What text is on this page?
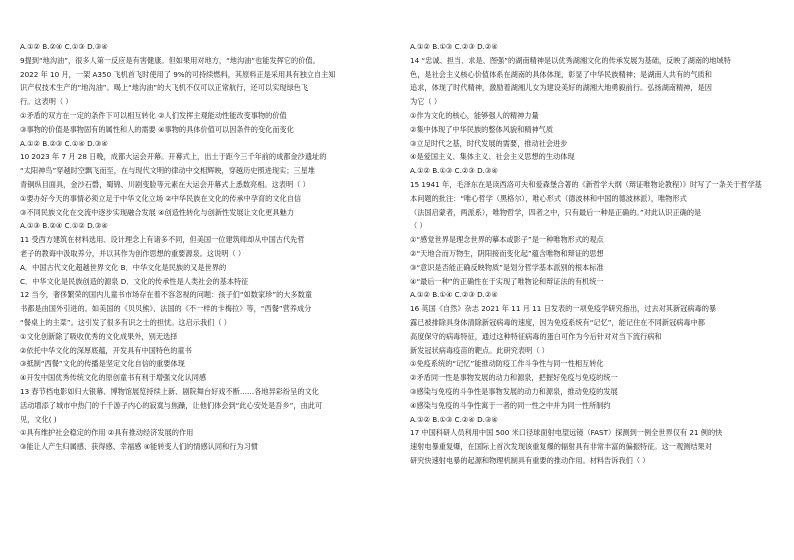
A.①② B.②④ C.①③ D.③④
9提到“地沟油”，很多人第一反应是有害健康。但如果用对地方，“地沟油”也能发挥它的价值。
2022 年 10 月，一架 A350 飞机首飞时使用了 9%的可持续燃料，其原料正是采用具有独立自主知
识产权技术生产的“地沟油”。喝上“地沟油”的大飞机不仅可以正常航行，还可以实现绿色飞
行。这表明（ ）
①矛盾的双方在一定的条件下可以相互转化 ②人们发挥主观能动性能改变事物的价值
③事物的价值是事物固有的属性和人的需要 ④事物的具体价值可以因条件的变化而变化
A.①② B.②③ C.①④ D.③④
10 2023 年 7 月 28 日晚，成都大运会开幕。开幕式上，出土于距今三千年前的成都金沙遗址的
“太阳神鸟”穿越时空飘飞而至，在与现代文明的律动中交相辉映，穿越历史照进现实；三星堆
青铜纵目面具，金沙石磬，蜀锦、川剧变脸等元素在大运会开幕式上悉数亮相。这表明（ ）
①要办好今天的事情必须立足于中华文化立场 ②中华民族在文化的传承中孕育的文化自信
③不同民族文化在交流中逐步实现融合发展 ④创造性转化与创新性发展让文化更具魅力
A.①③ B.②④ C.①② D.③④
11 受西方建筑在材料选用、设计理念上有诸多不同，但美国一位建筑师却从中国古代先哲
老子的教诲中汲取养分，并以其作为创作思想的重要源泉。这说明（ ）
A．中国古代文化超越世界文化 B．中华文化是民族的又是世界的
C．中华文化是民族创造的源泉 D．文化的传承性是人类社会的基本特征
12 当今，奢侈繁荣的国内儿童书市场存在着不容忽视的问题：孩子们“如数家珍”的大多数童
书都是由国外引进的。如美国的《贝贝熊》、法国的《不一样的卡梅拉》等，“西餐”营养成分
“餐桌上的主菜”。这引发了很多有识之士的担忧。这启示我们（ ）
①文化创新除了吸收优秀的文化成果外，别无选择
②依托中华文化的深厚底蕴，开发具有中国特色的童书
③抵制“西餐”文化的传播是坚定文化自信的重要体现
④开发中国优秀传统文化的原创童书有利于增强文化认同感
13 春节档电影如归大银幕、博物馆展览持续上新、剧院舞台好戏不断……各地异彩纷呈的文化
活动增添了城市中热门的千千游子内心的寂寞与焦躁，让他们体会到“此心安处是吾乡”，由此可
见，文化( )
①具有维护社会稳定的作用 ②具有推动经济发展的作用
③能让人产生归属感、获得感、幸福感 ④能转变人们的情感认同和行为习惯
A.①② B.①③ C.②③ D.②④
14 “忠诚、担当、求是、图强”的湖南精神是以优秀湖湘文化的传承发展为基础，反映了湖南的地域特
色，是社会主义核心价值体系在湖南的具体体现，彰显了中华民族精神；是湖南人共有的气质和
追求，体现了时代精神，激励着湖湘儿女为建设美好的湖湘大地勇毅前行。弘扬湖南精神，是因
为它（ ）
①作为文化的核心，能够强人的精神力量
②集中体现了中华民族的整体风貌和精神气质
③立足时代之基，时代发展的需要，推动社会进步
④是爱国主义、集体主义、社会主义思想的生动体现
A.①② B.①③ C.②③ D.③④
15 1941 年，毛泽东在是读西洛可夫和爱森堡合著的《新哲学大纲（辩证唯物论教程）》时写了一条关于哲学基
本问题的批注：“唯心哲学（黑格尔），唯心形式（德波林和中国的德波林派），唯物形式
（法国启蒙者，两派系），唯物哲学，四者之中，只有最后一种是正确的。”对此认识正确的是
（ ）
①“感觉世界是理念世界的摹本或影子”是一种唯物形式的观点
②“天地合而万物生，阴阳接而变化起”蕴含唯物和辩证的思想
③“意识是否能正确反映物质”是划分哲学基本派别的根本标准
④“最后一种”的正确性在于实现了唯物论和辩证法的有机统一
A.①② B.①④ C.②③ D.②④
16 英国《自然》杂志 2021 年 11 月 11 日发表的一项免疫学研究指出，过去对其新冠病毒的暴
露已被排除具身体清除新冠病毒的速度，因为免疫系统有“记忆”，能记住在不同新冠病毒中都
高度保守的病毒特征，通过这种特征病毒的蛋白可作为今后针对对当下流行病和
新发冠状病毒疫苗的靶点。此研究表明（ ）
①免疫系统的“记忆”能推动防疫工作斗争性与同一性相互转化
②矛盾同一性是事物发展的动力和源泉，把握好免疫与免疫的统一
③感染与免疫的斗争性是事物发展的动力和源泉，推动免疫的发展
④感染与免疫的斗争性寓于一者的同一性之中并为同一性所制约
A.①② B.①③ C.②④ D.③④
17 中国科研人员利用中国 500 米口径球面射电望远镜（FAST）探测到一例全世界仅有 21 例的快
速射电暴重复爆，在国际上首次发现该重复爆的辐射具有非常丰富的偏振特征。这一观测结果对
研究快速射电暴的起源和物理机制具有重要的推动作用。材料告诉我们（ ）
